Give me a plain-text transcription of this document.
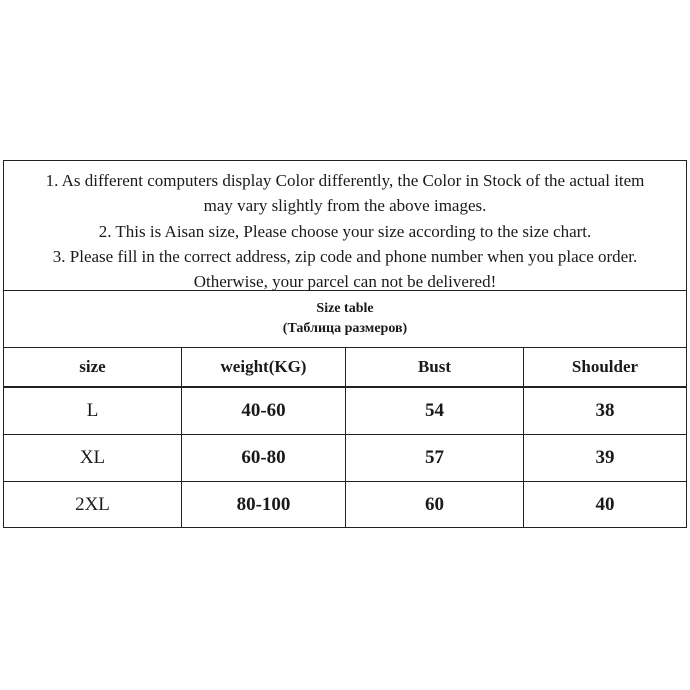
1. As different computers display Color differently, the Color in Stock of the actual item

may vary slightly from the above images.

2. This is Aisan size, Please choose your size according to the size chart.

3. Please fill in the correct address, zip code and phone number when you place order.

Otherwise, your parcel can not be delivered!

Size table
(Таблица размеров)
size	weight(KG)	Bust	Shoulder
L	40-60	54	38
XL	60-80	57	39
2XL	80-100	60	40
